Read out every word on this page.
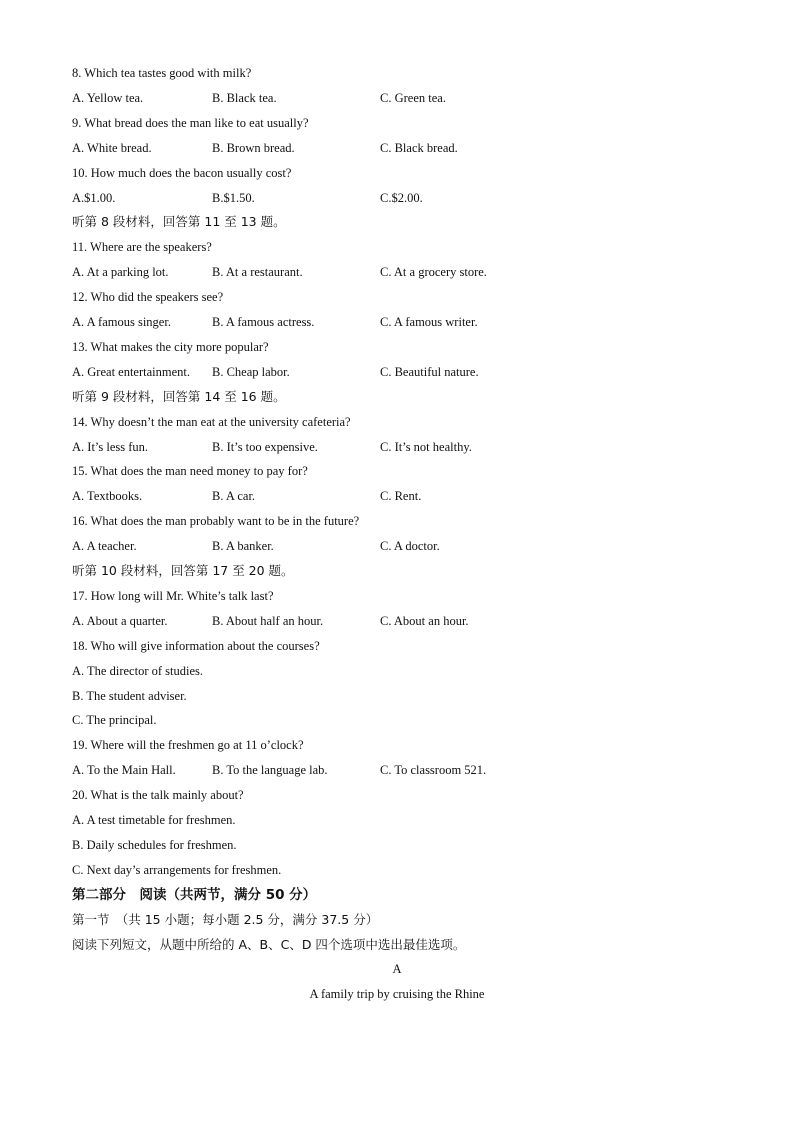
8. Which tea tastes good with milk?
A. Yellow tea.	B. Black tea.	C. Green tea.
9. What bread does the man like to eat usually?
A. White bread.	B. Brown bread.	C. Black bread.
10. How much does the bacon usually cost?
A.$1.00.	B.$1.50.	C.$2.00.
听第 8 段材料，回答第 11 至 13 题。
11. Where are the speakers?
A. At a parking lot.	B. At a restaurant.	C. At a grocery store.
12. Who did the speakers see?
A. A famous singer.	B. A famous actress.	C. A famous writer.
13. What makes the city more popular?
A. Great entertainment. B. Cheap labor.	C. Beautiful nature.
听第 9 段材料，回答第 14 至 16 题。
14. Why doesn’t the man eat at the university cafeteria?
A. It’s less fun.	B. It’s too expensive.	C. It’s not healthy.
15. What does the man need money to pay for?
A. Textbooks.	B. A car.	C. Rent.
16. What does the man probably want to be in the future?
A. A teacher.	B. A banker.	C. A doctor.
听第 10 段材料，回答第 17 至 20 题。
17. How long will Mr. White’s talk last?
A. About a quarter.	B. About half an hour.	C. About an hour.
18. Who will give information about the courses?
A. The director of studies.
B. The student adviser.
C. The principal.
19. Where will the freshmen go at 11 o’clock?
A. To the Main Hall.	B. To the language lab.	C. To classroom 521.
20. What is the talk mainly about?
A. A test timetable for freshmen.
B. Daily schedules for freshmen.
C. Next day’s arrangements for freshmen.
第二部分　阅读（共两节，满分 50 分）
第一节　（共 15 小题；每小题 2.5 分，满分 37.5 分）
阅读下列短文，从题中所给的 A、B、C、D 四个选项中选出最佳选项。
A
A family trip by cruising the Rhine
